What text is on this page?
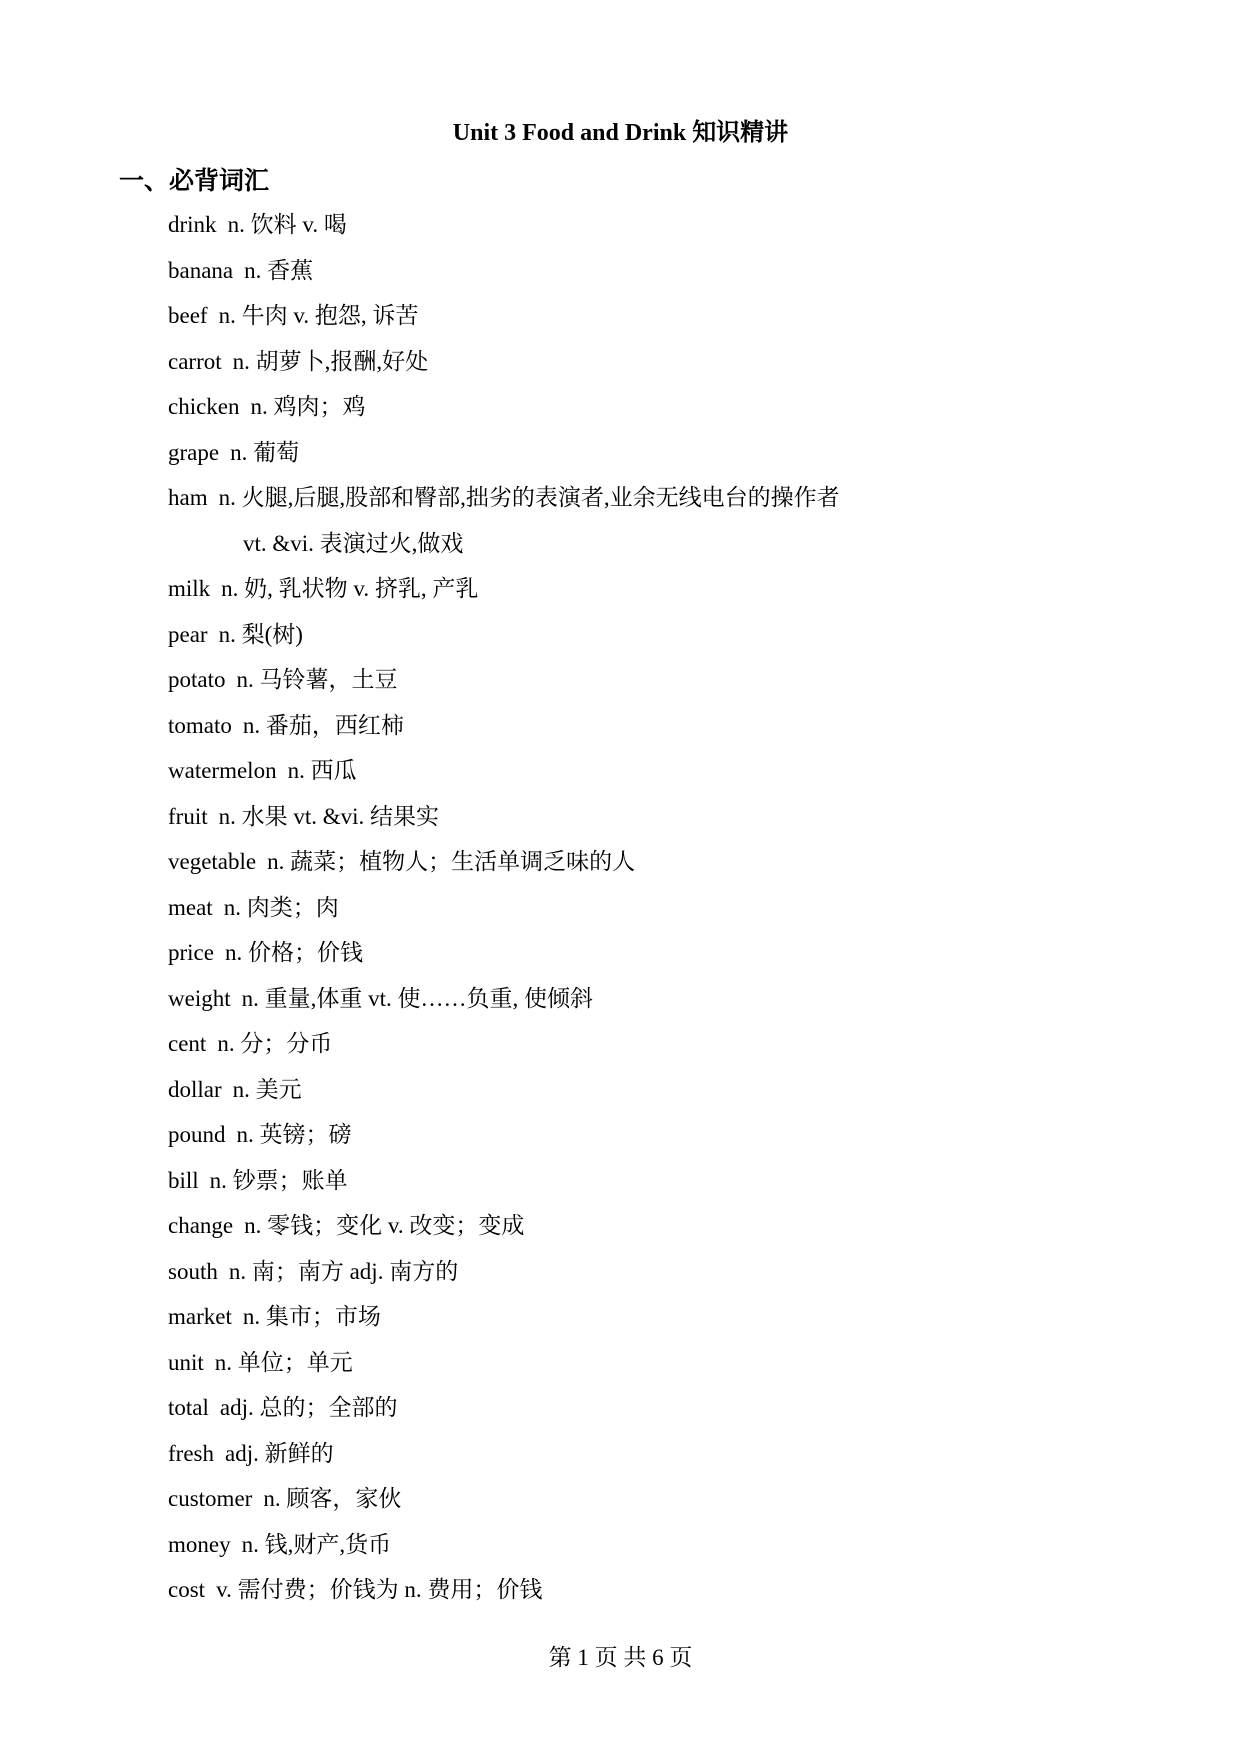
Unit 3 Food and Drink 知识精讲
一、必背词汇
drink n. 饮料 v. 喝
banana n. 香蕉
beef n. 牛肉 v. 抱怨, 诉苦
carrot n. 胡萝卜,报酬,好处
chicken n. 鸡肉；鸡
grape n. 葡萄
ham n. 火腿,后腿,股部和臀部,拙劣的表演者,业余无线电台的操作者
vt. &vi. 表演过火,做戏
milk n. 奶, 乳状物 v. 挤乳, 产乳
pear n. 梨(树)
potato n. 马铃薯，土豆
tomato n. 番茄，西红柿
watermelon n. 西瓜
fruit n. 水果 vt. &vi. 结果实
vegetable n. 蔬菜；植物人；生活单调乏味的人
meat n. 肉类；肉
price n. 价格；价钱
weight n. 重量,体重 vt. 使……负重, 使倾斜
cent n. 分；分币
dollar n. 美元
pound n. 英镑；磅
bill n. 钞票；账单
change n. 零钱；变化 v. 改变；变成
south n. 南；南方 adj. 南方的
market n. 集市；市场
unit n. 单位；单元
total adj. 总的；全部的
fresh adj. 新鲜的
customer n. 顾客，家伙
money n. 钱,财产,货币
cost v. 需付费；价钱为 n. 费用；价钱
第 1 页 共 6 页
